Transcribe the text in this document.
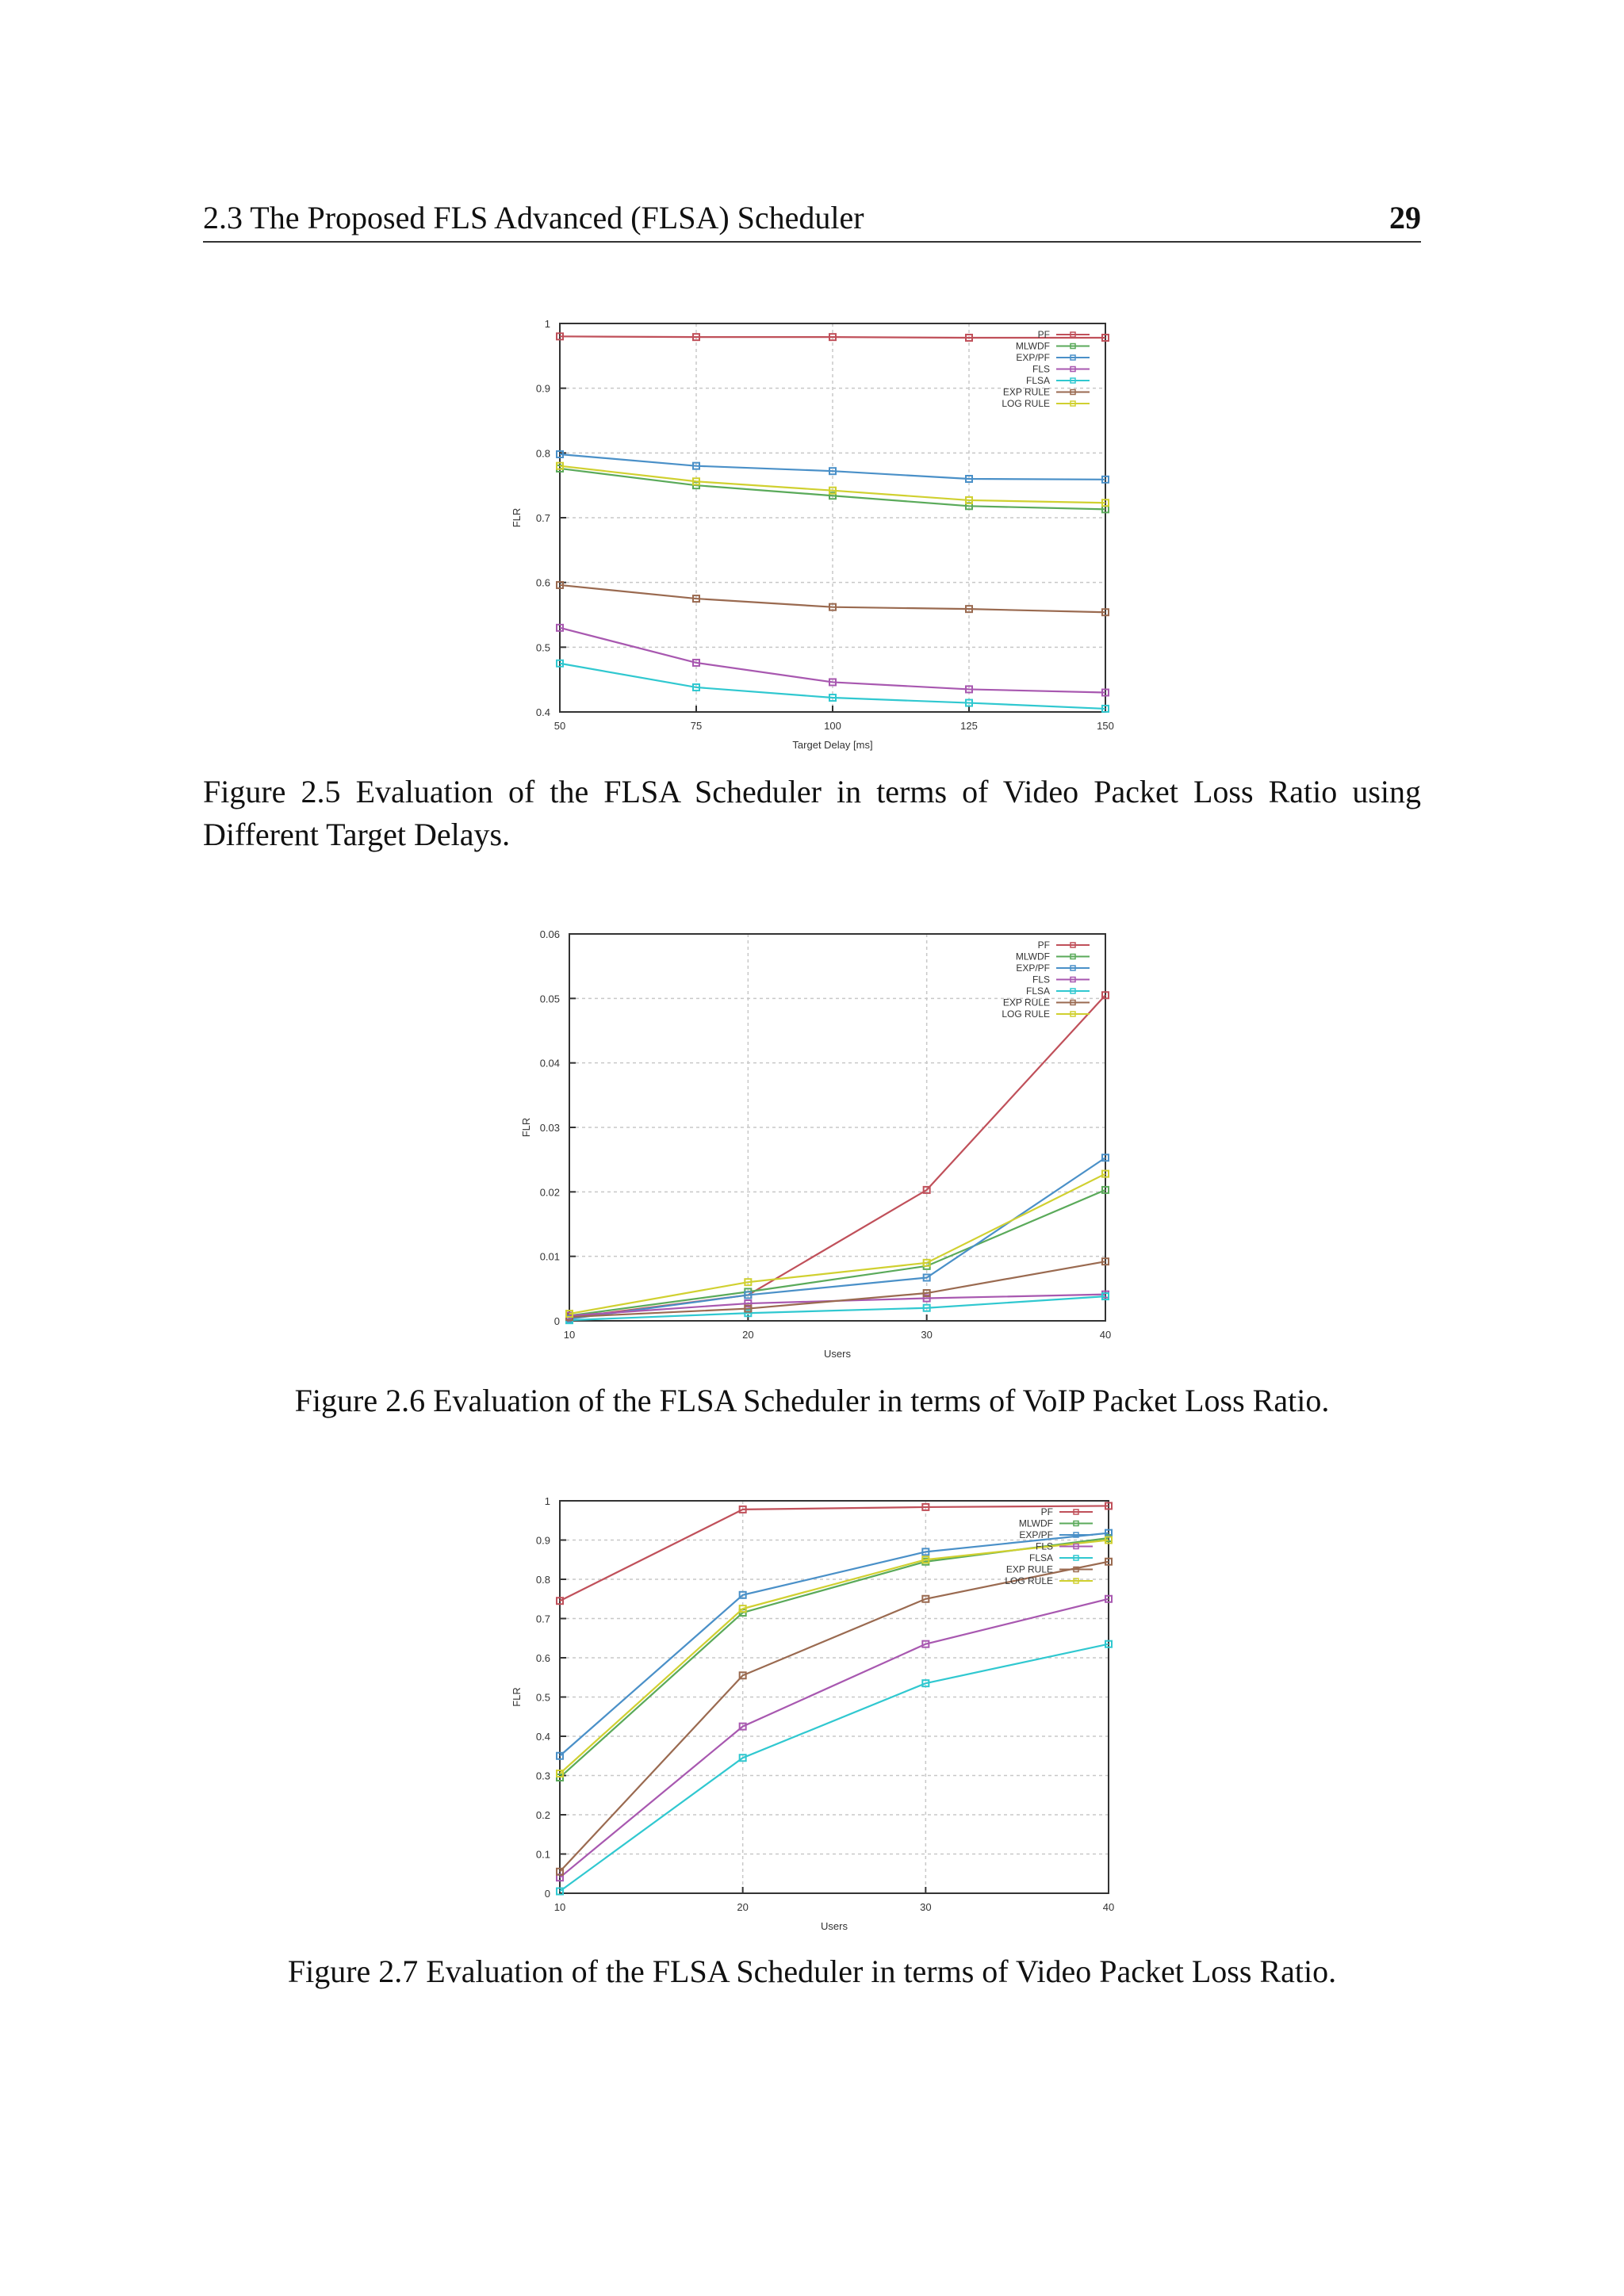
2.3 The Proposed FLS Advanced (FLSA) Scheduler	29
0.4
0.5
0.6
0.7
0.8
0.9
1
50	75	100	125	150
Target Delay [ms]
FLR
PF
MLWDF
EXP/PF
FLS
FLSA
EXP RULE
LOG RULE
Figure 2.5 Evaluation of the FLSA Scheduler in terms of Video Packet Loss Ratio using Different Target Delays.
0
0.01
0.02
0.03
0.04
0.05
0.06
10	20	30	40
Users
FLR
PF
MLWDF
EXP/PF
FLS
FLSA
EXP RULE
LOG RULE
Figure 2.6 Evaluation of the FLSA Scheduler in terms of VoIP Packet Loss Ratio.
0
0.1
0.2
0.3
0.4
0.5
0.6
0.7
0.8
0.9
1
10	20	30	40
Users
FLR
PF
MLWDF
EXP/PF
FLS
FLSA
EXP RULE
LOG RULE
Figure 2.7 Evaluation of the FLSA Scheduler in terms of Video Packet Loss Ratio.
